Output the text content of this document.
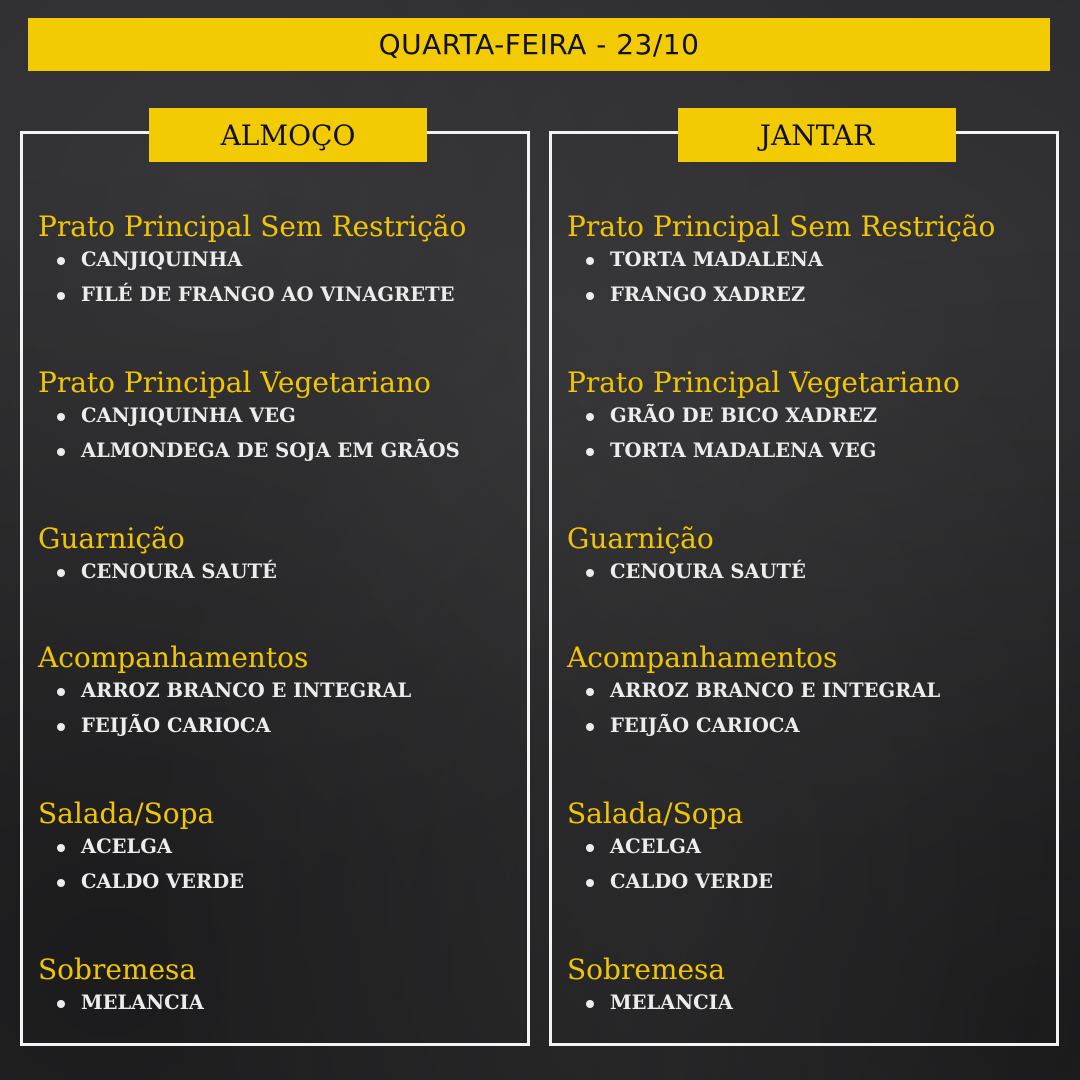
QUARTA-FEIRA - 23/10
ALMOÇO
Prato Principal Sem Restrição
CANJIQUINHA
FILÉ DE FRANGO AO VINAGRETE
Prato Principal Vegetariano
CANJIQUINHA VEG
ALMONDEGA DE SOJA EM GRÃOS
Guarnição
CENOURA SAUTÉ
Acompanhamentos
ARROZ BRANCO E INTEGRAL
FEIJÃO CARIOCA
Salada/Sopa
ACELGA
CALDO VERDE
Sobremesa
MELANCIA
JANTAR
Prato Principal Sem Restrição
TORTA MADALENA
FRANGO XADREZ
Prato Principal Vegetariano
GRÃO DE BICO XADREZ
TORTA MADALENA VEG
Guarnição
CENOURA SAUTÉ
Acompanhamentos
ARROZ BRANCO E INTEGRAL
FEIJÃO CARIOCA
Salada/Sopa
ACELGA
CALDO VERDE
Sobremesa
MELANCIA
